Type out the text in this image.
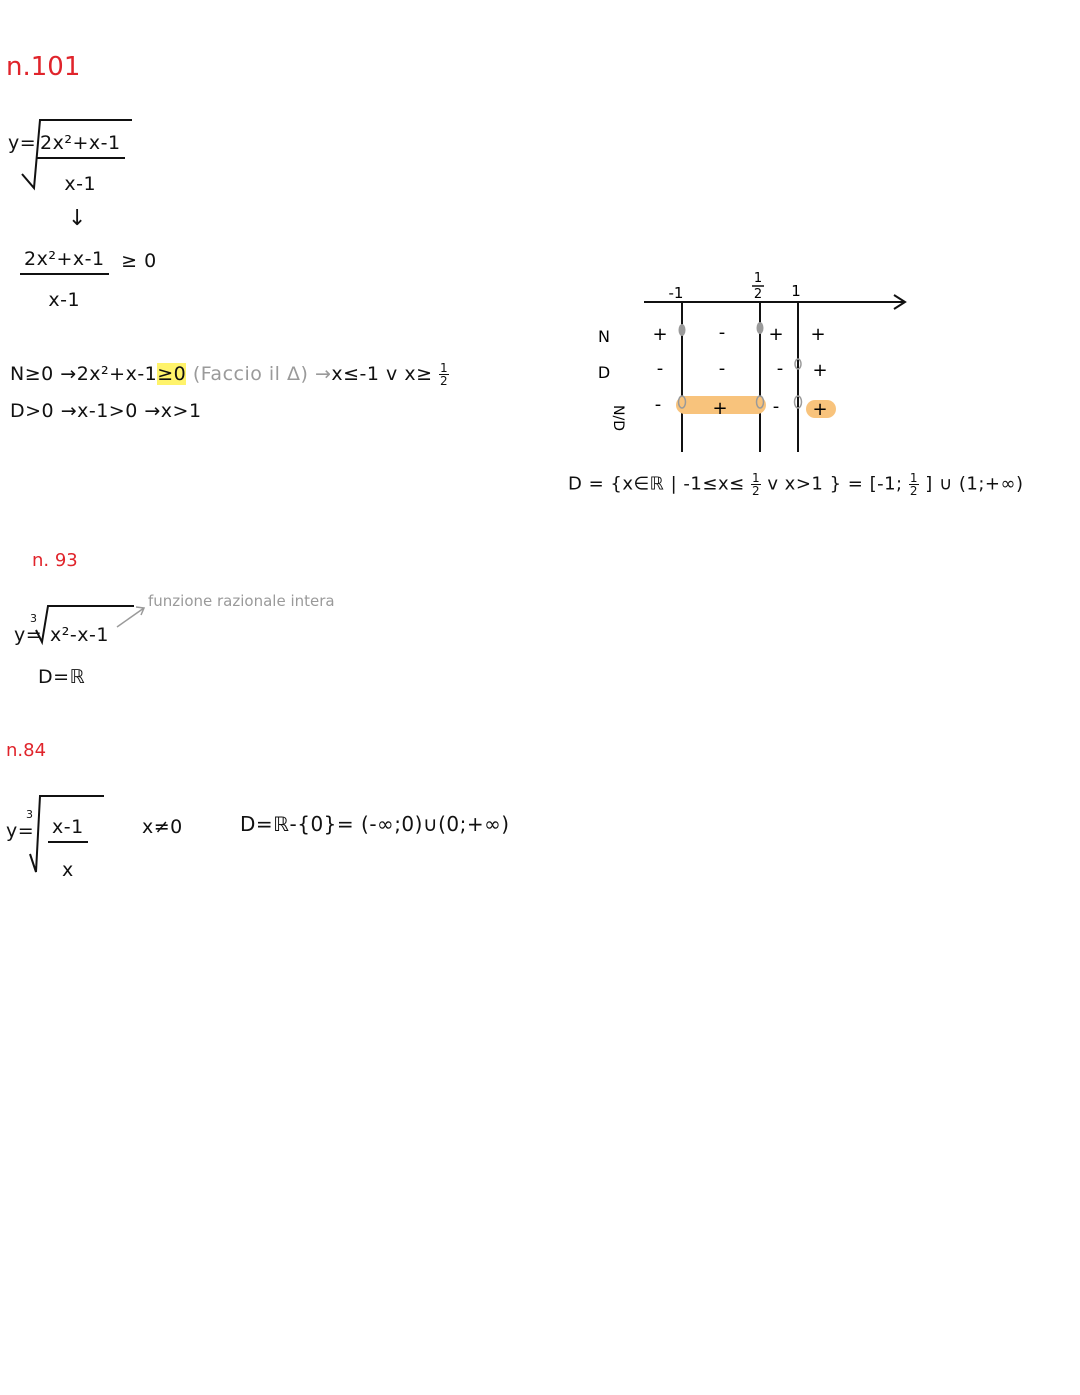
n.101
$y= \frac{\text{2x²+x-1}}{x-1}$
↓
$\frac{\text{2x²+x-1}}{x-1} \ge 0$
N≥0 →2x²+x-1≥0 (Faccio il Δ) →x≤-1 v $x\ge \frac{1}{2}$
D>0 →x-1>0 →x>1
-1
1
2 1
N
D
N/D
+	- + +
-	-	- +
-	+	- +
D = {x∈ℝ | $-1\le x\le \frac{1}{2}$ v x>1 } = [-1; $\frac{1}{2}$ ] ∪ (1;+∞)
n. 93
y=
3
x²-x-1
funzione razionale intera
D=ℝ
n.84
y=
3
$\frac{x-1}{x}$	x≠0	D=ℝ-{0}= (-∞;0)∪(0;+∞)
